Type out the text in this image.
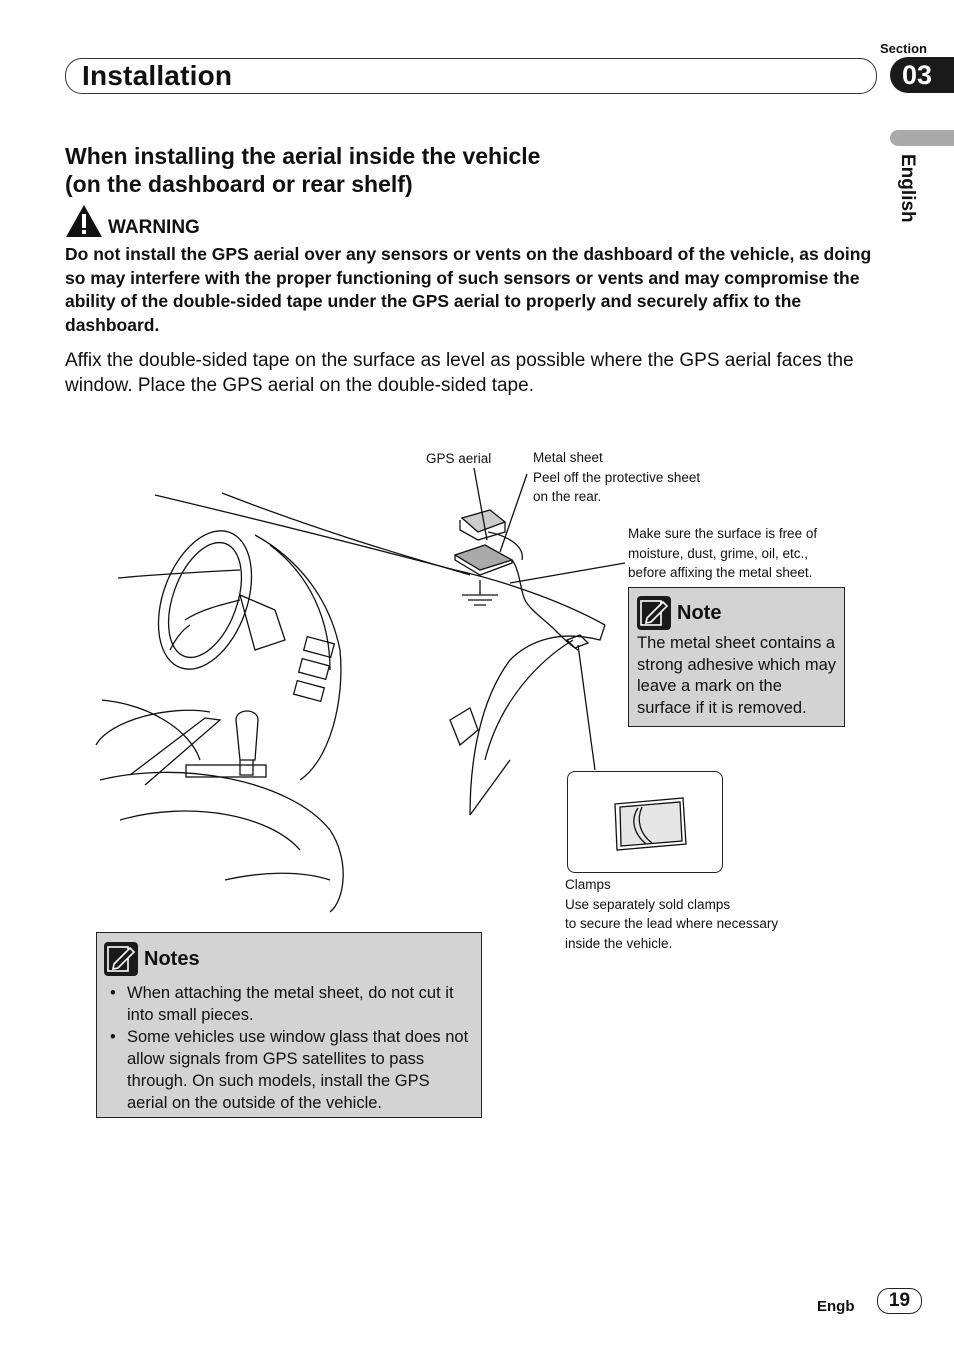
Section
Installation	03
English
When installing the aerial inside the vehicle
(on the dashboard or rear shelf)
WARNING
Do not install the GPS aerial over any sensors or vents on the dashboard of the vehicle, as doing so may interfere with the proper functioning of such sensors or vents and may compromise the ability of the double-sided tape under the GPS aerial to properly and securely affix to the dashboard.
Affix the double-sided tape on the surface as level as possible where the GPS aerial faces the window. Place the GPS aerial on the double-sided tape.
GPS aerial	Metal sheet
Peel off the protective sheet
on the rear.
Make sure the surface is free of
moisture, dust, grime, oil, etc.,
before affixing the metal sheet.
Clamps
Use separately sold clamps
to secure the lead where necessary
inside the vehicle.
Note
The metal sheet contains a strong adhesive which may leave a mark on the surface if it is removed.
Notes
• When attaching the metal sheet, do not cut it into small pieces.
• Some vehicles use window glass that does not allow signals from GPS satellites to pass through. On such models, install the GPS aerial on the outside of the vehicle.
Engb	19
